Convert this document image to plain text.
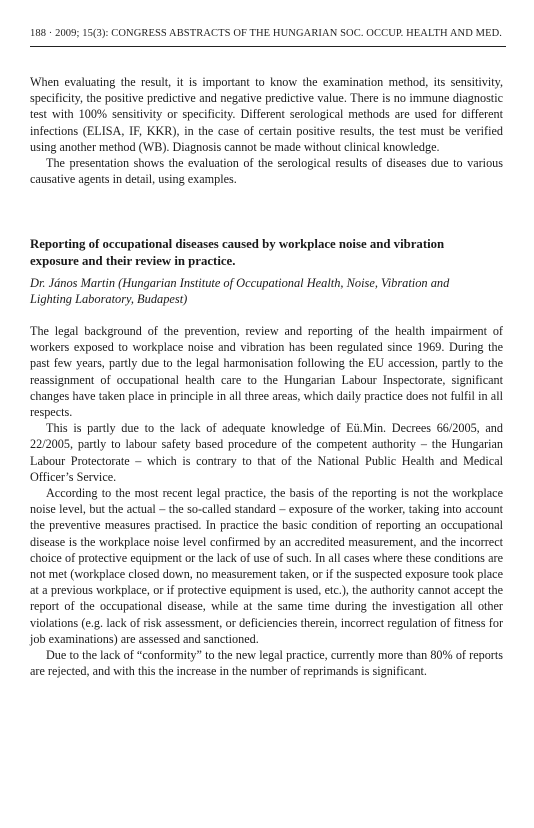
188 · 2009; 15(3): CONGRESS ABSTRACTS OF THE HUNGARIAN SOC. OCCUP. HEALTH AND MED.

When evaluating the result, it is important to know the examination method, its sensitivity, specificity, the positive predictive and negative predictive value. There is no immune diagnostic test with 100% sensitivity or specificity. Different serological methods are used for different infections (ELISA, IF, KKR), in the case of certain positive results, the test must be verified using another method (WB). Diagnosis cannot be made without clinical knowledge.

The presentation shows the evaluation of the serological results of diseases due to various causative agents in detail, using examples.

Reporting of occupational diseases caused by workplace noise and vibration exposure and their review in practice.

Dr. János Martin (Hungarian Institute of Occupational Health, Noise, Vibration and Lighting Laboratory, Budapest)

The legal background of the prevention, review and reporting of the health impairment of workers exposed to workplace noise and vibration has been regulated since 1969. During the past few years, partly due to the legal harmonisation following the EU accession, partly to the reassignment of occupational health care to the Hungarian Labour Inspectorate, significant changes have taken place in principle in all three areas, which daily practice does not fulfil in all respects.

This is partly due to the lack of adequate knowledge of Eü.Min. Decrees 66/2005, and 22/2005, partly to labour safety based procedure of the competent authority – the Hungarian Labour Protectorate – which is contrary to that of the National Public Health and Medical Officer’s Service.

According to the most recent legal practice, the basis of the reporting is not the workplace noise level, but the actual – the so-called standard – exposure of the worker, taking into account the preventive measures practised. In practice the basic condition of reporting an occupational disease is the workplace noise level confirmed by an accredited measurement, and the incorrect choice of protective equipment or the lack of use of such. In all cases where these conditions are not met (workplace closed down, no measurement taken, or if the suspected exposure took place at a previous workplace, or if protective equipment is used, etc.), the authority cannot accept the report of the occupational disease, while at the same time during the investigation all other violations (e.g. lack of risk assessment, or deficiencies therein, incorrect regulation of fitness for job examinations) are assessed and sanctioned.

Due to the lack of “conformity” to the new legal practice, currently more than 80% of reports are rejected, and with this the increase in the number of reprimands is significant.
